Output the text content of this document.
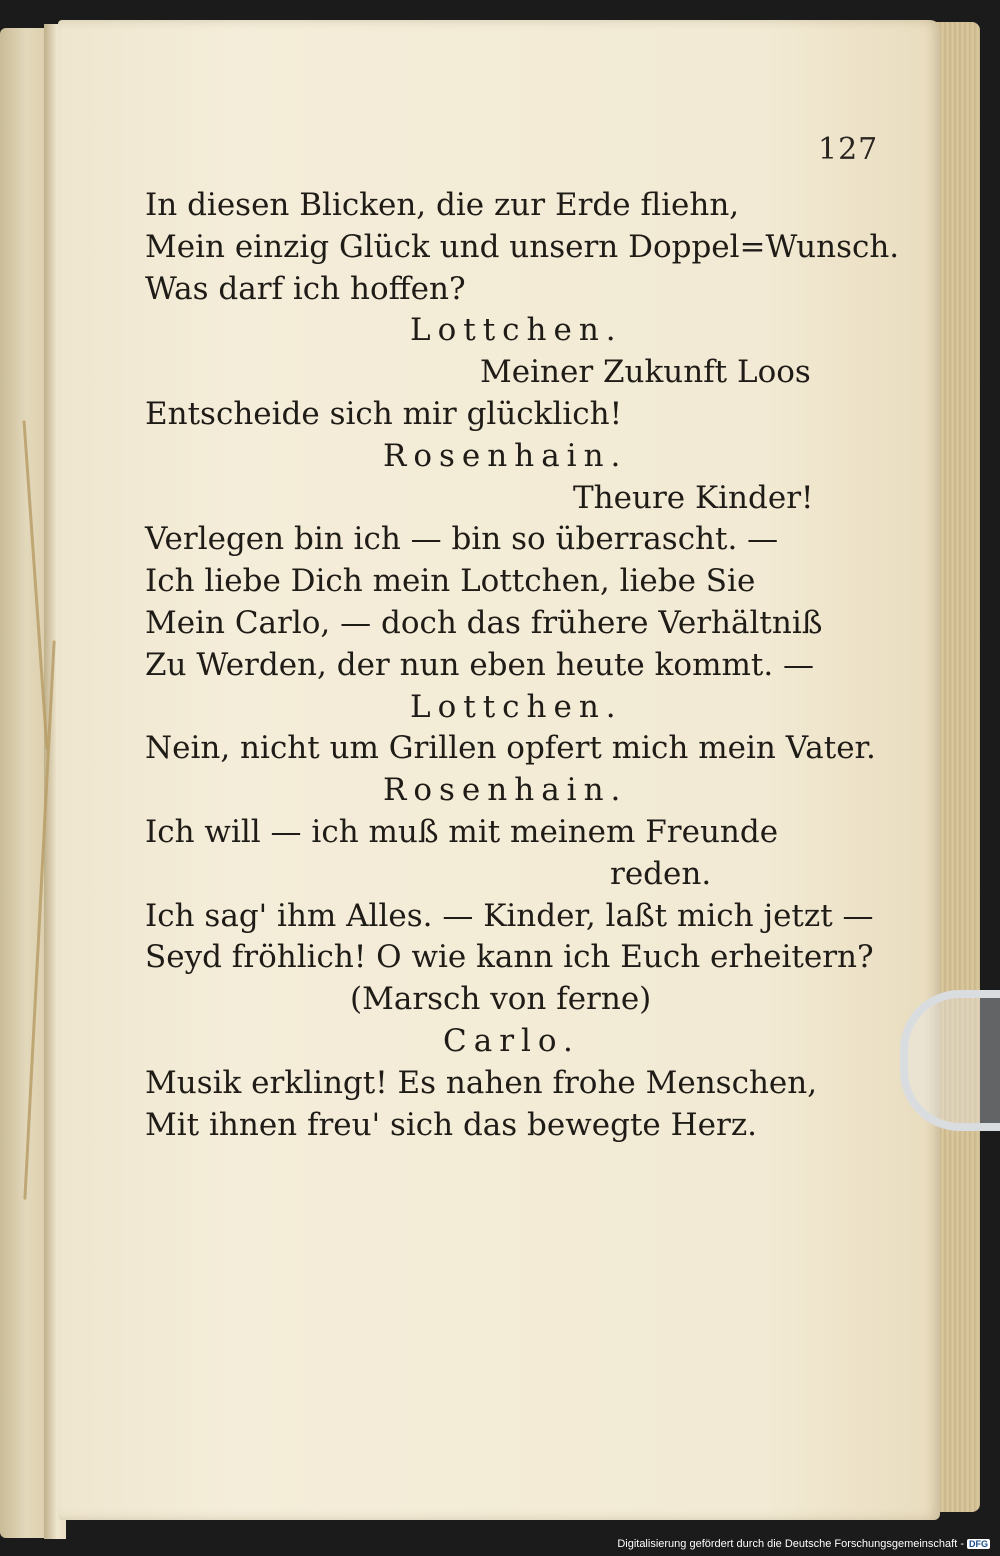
127
In diesen Blicken, die zur Erde fliehn,
Mein einzig Glück und unsern Doppel=Wunsch.
Was darf ich hoffen?
Lottchen.
Meiner Zukunft Loos
Entscheide sich mir glücklich!
Rosenhain.
Theure Kinder!
Verlegen bin ich — bin so überrascht. —
Ich liebe Dich mein Lottchen, liebe Sie
Mein Carlo, — doch das frühere Verhältniß
Zu Werden, der nun eben heute kommt. —
Lottchen.
Nein, nicht um Grillen opfert mich mein Vater.
Rosenhain.
Ich will — ich muß mit meinem Freunde
reden.
Ich sag' ihm Alles. — Kinder, laßt mich jetzt —
Seyd fröhlich! O wie kann ich Euch erheitern?
(Marsch von ferne)
Carlo.
Musik erklingt! Es nahen frohe Menschen,
Mit ihnen freu' sich das bewegte Herz.
Digitalisierung gefördert durch die Deutsche Forschungsgemeinschaft - DFG
